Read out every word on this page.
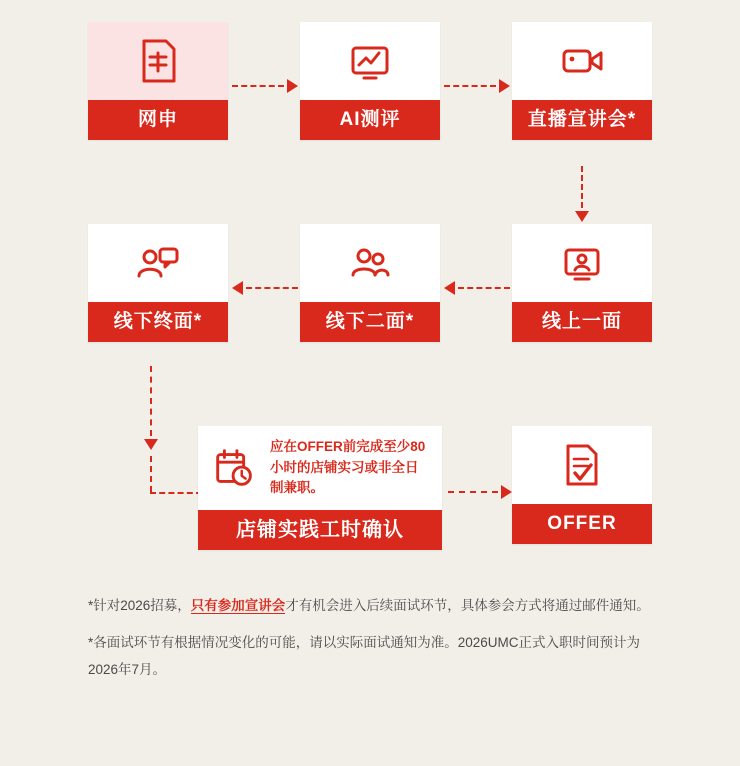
网申	AI测评	直播宣讲会*
线上一面
线下二面*
线下终面*
应在OFFER前完成至少80小时的店铺实习或非全日制兼职。
店铺实践工时确认	OFFER

*针对2026招募，只有参加宣讲会才有机会进入后续面试环节，具体参会方式将通过邮件通知。

*各面试环节有根据情况变化的可能，请以实际面试通知为准。2026UMC正式入职时间预计为2026年7月。
